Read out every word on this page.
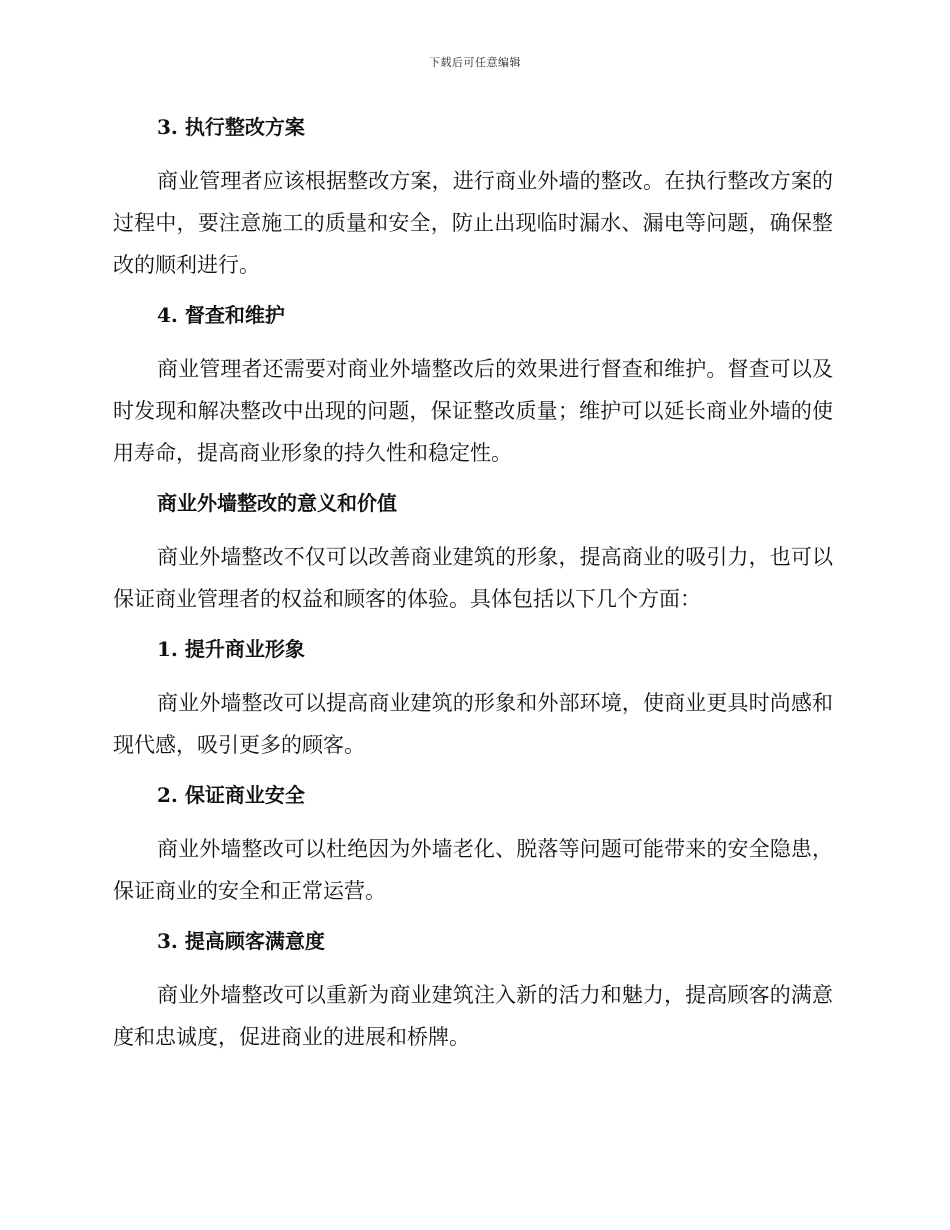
下载后可任意编辑
3. 执行整改方案

商业管理者应该根据整改方案，进行商业外墙的整改。在执行整改方案的过程中，要注意施工的质量和安全，防止出现临时漏水、漏电等问题，确保整改的顺利进行。

4. 督查和维护

商业管理者还需要对商业外墙整改后的效果进行督查和维护。督查可以及时发现和解决整改中出现的问题，保证整改质量；维护可以延长商业外墙的使用寿命，提高商业形象的持久性和稳定性。

商业外墙整改的意义和价值

商业外墙整改不仅可以改善商业建筑的形象，提高商业的吸引力，也可以保证商业管理者的权益和顾客的体验。具体包括以下几个方面：

1. 提升商业形象

商业外墙整改可以提高商业建筑的形象和外部环境，使商业更具时尚感和现代感，吸引更多的顾客。

2. 保证商业安全

商业外墙整改可以杜绝因为外墙老化、脱落等问题可能带来的安全隐患，保证商业的安全和正常运营。

3. 提高顾客满意度

商业外墙整改可以重新为商业建筑注入新的活力和魅力，提高顾客的满意度和忠诚度，促进商业的进展和桥牌。
